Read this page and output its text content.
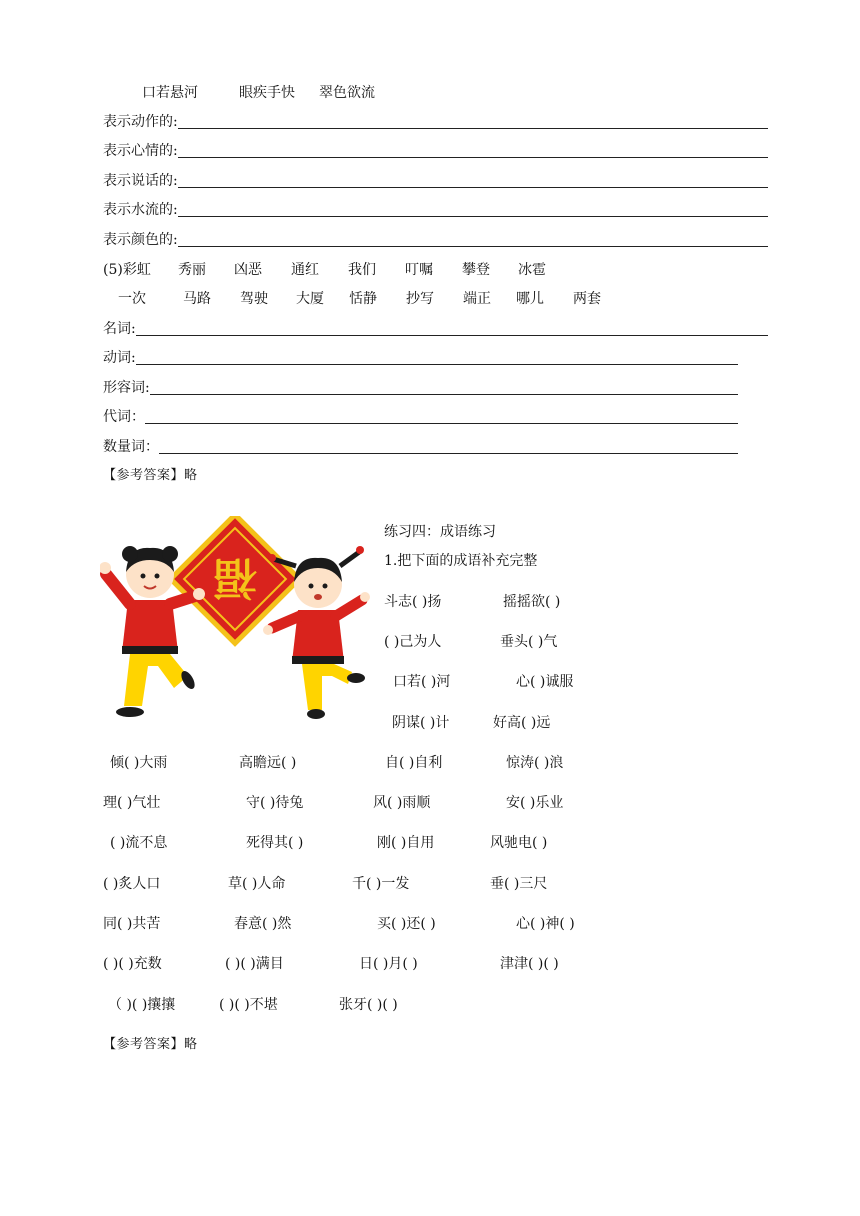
口若悬河	眼疾手快 翠色欲流
表示动作的:
表示心情的:
表示说话的:
表示水流的:
表示颜色的:
(5)彩虹 秀丽 凶恶 通红 我们 叮嘱 攀登 冰雹
一次	马路 驾驶 大厦 恬静 抄写 端正 哪儿 两套
名词:
动词:
形容词:
代词：
数量词：
【参考答案】略
福
练习四：成语练习
1.把下面的成语补充完整
斗志( )扬	摇摇欲( )
( )己为人	垂头( )气
口若( )河	心( )诚服
阴谋( )计	好高( )远
倾( )大雨	高瞻远( )	自( )自利	惊涛( )浪
理( )气壮	守( )待兔	风( )雨顺	安( )乐业
( )流不息	死得其( )	刚( )自用	风驰电( )
( )炙人口	草( )人命	千( )一发	垂( )三尺
同( )共苦	春意( )然	买( )还( )	心( )神( )
( )( )充数	( )( )满目	日( )月( )	津津( )( )
（ )( )攘攘	( )( )不堪	张牙( )( )
【参考答案】略
